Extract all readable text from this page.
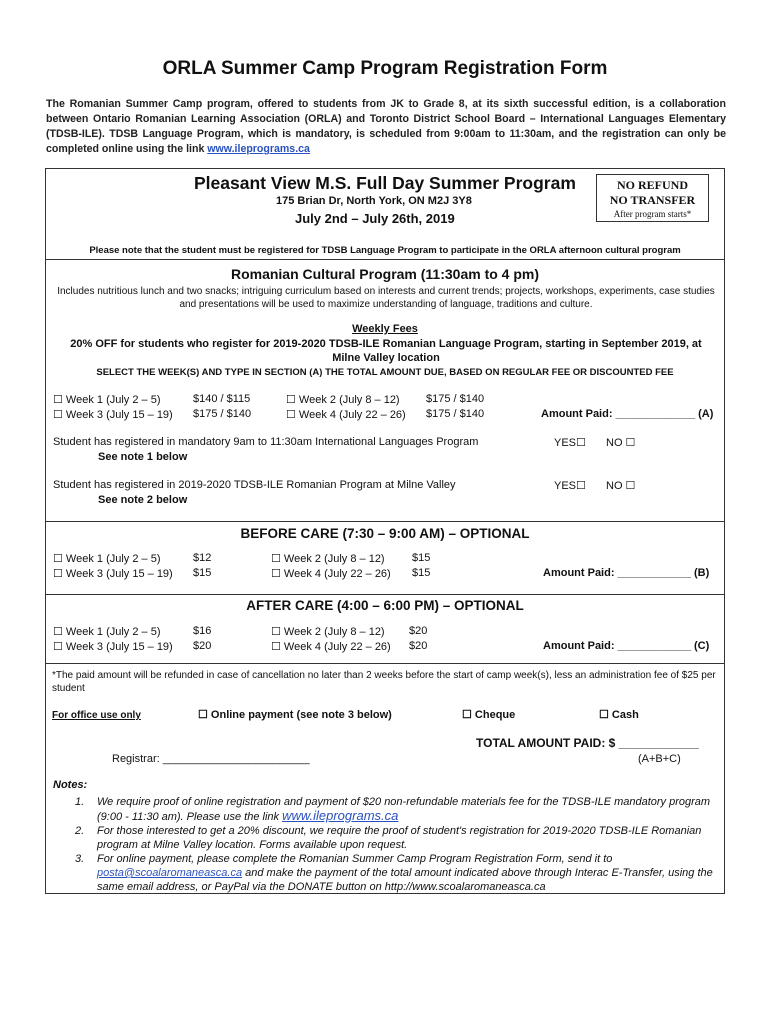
ORLA Summer Camp Program Registration Form
The Romanian Summer Camp program, offered to students from JK to Grade 8, at its sixth successful edition, is a collaboration between Ontario Romanian Learning Association (ORLA) and Toronto District School Board – International Languages Elementary (TDSB-ILE). TDSB Language Program, which is mandatory, is scheduled from 9:00am to 11:30am, and the registration can only be completed online using the link www.ileprograms.ca
Pleasant View M.S. Full Day Summer Program
175 Brian Dr, North York, ON M2J 3Y8
July 2nd – July 26th, 2019
NO REFUND
NO TRANSFER
After program starts*
Please note that the student must be registered for TDSB Language Program to participate in the ORLA afternoon cultural program
Romanian Cultural Program (11:30am to 4 pm)
Includes nutritious lunch and two snacks; intriguing curriculum based on interests and current trends; projects, workshops, experiments, case studies and presentations will be used to maximize understanding of language, traditions and culture.
Weekly Fees
20% OFF for students who register for 2019-2020 TDSB-ILE Romanian Language Program, starting in September 2019, at Milne Valley location
SELECT THE WEEK(S) AND TYPE IN SECTION (A) THE TOTAL AMOUNT DUE, BASED ON REGULAR FEE OR DISCOUNTED FEE
☐ Week 1 (July 2 – 5)	$140 / $115	☐ Week 2 (July 8 – 12) $175 / $140
☐ Week 3 (July 15 – 19) $175 / $140	☐ Week 4 (July 22 – 26) $175 / $140	Amount Paid: _____________ (A)
Student has registered in mandatory 9am to 11:30am International Languages Program	YES☐ NO ☐
See note 1 below
Student has registered in 2019-2020 TDSB-ILE Romanian Program at Milne Valley	YES☐ NO ☐
See note 2 below
BEFORE CARE (7:30 – 9:00 AM) – OPTIONAL
☐ Week 1 (July 2 – 5)	$12	☐ Week 2 (July 8 – 12) $15
☐ Week 3 (July 15 – 19) $15	☐ Week 4 (July 22 – 26) $15	Amount Paid: ____________ (B)
AFTER CARE (4:00 – 6:00 PM) – OPTIONAL
☐ Week 1 (July 2 – 5)	$16	☐ Week 2 (July 8 – 12) $20
☐ Week 3 (July 15 – 19) $20	☐ Week 4 (July 22 – 26) $20	Amount Paid: ____________ (C)
*The paid amount will be refunded in case of cancellation no later than 2 weeks before the start of camp week(s), less an administration fee of $25 per student
For office use only	☐ Online payment (see note 3 below)	☐ Cheque	☐ Cash
TOTAL AMOUNT PAID: $ ____________
Registrar: ________________________	(A+B+C)
Notes:
1. We require proof of online registration and payment of $20 non-refundable materials fee for the TDSB-ILE mandatory program (9:00 - 11:30 am). Please use the link www.ileprograms.ca
2. For those interested to get a 20% discount, we require the proof of student's registration for 2019-2020 TDSB-ILE Romanian program at Milne Valley location. Forms available upon request.
3. For online payment, please complete the Romanian Summer Camp Program Registration Form, send it to posta@scoalaromaneasca.ca and make the payment of the total amount indicated above through Interac E-Transfer, using the same email address, or PayPal via the DONATE button on http://www.scoalaromaneasca.ca
